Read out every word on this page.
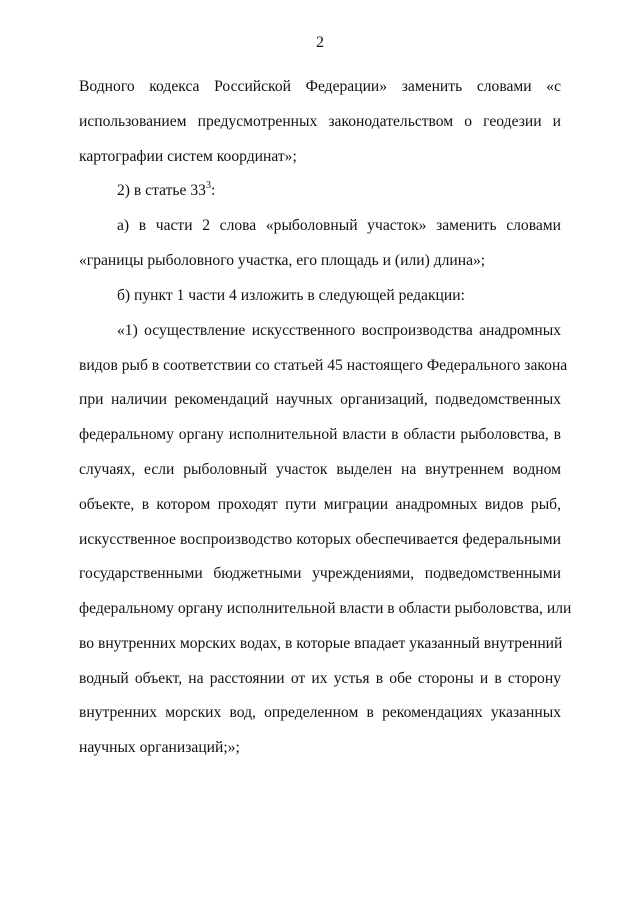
2
Водного кодекса Российской Федерации» заменить словами «с
использованием предусмотренных законодательством о геодезии и
картографии систем координат»;
2) в статье $33^3$:
а) в части 2 слова «рыболовный участок» заменить словами
«границы рыболовного участка, его площадь и (или) длина»;
б) пункт 1 части 4 изложить в следующей редакции:
«1) осуществление искусственного воспроизводства анадромных
видов рыб в соответствии со статьей 45 настоящего Федерального закона
при наличии рекомендаций научных организаций, подведомственных
федеральному органу исполнительной власти в области рыболовства, в
случаях, если рыболовный участок выделен на внутреннем водном
объекте, в котором проходят пути миграции анадромных видов рыб,
искусственное воспроизводство которых обеспечивается федеральными
государственными бюджетными учреждениями, подведомственными
федеральному органу исполнительной власти в области рыболовства, или
во внутренних морских водах, в которые впадает указанный внутренний
водный объект, на расстоянии от их устья в обе стороны и в сторону
внутренних морских вод, определенном в рекомендациях указанных
научных организаций;»;
